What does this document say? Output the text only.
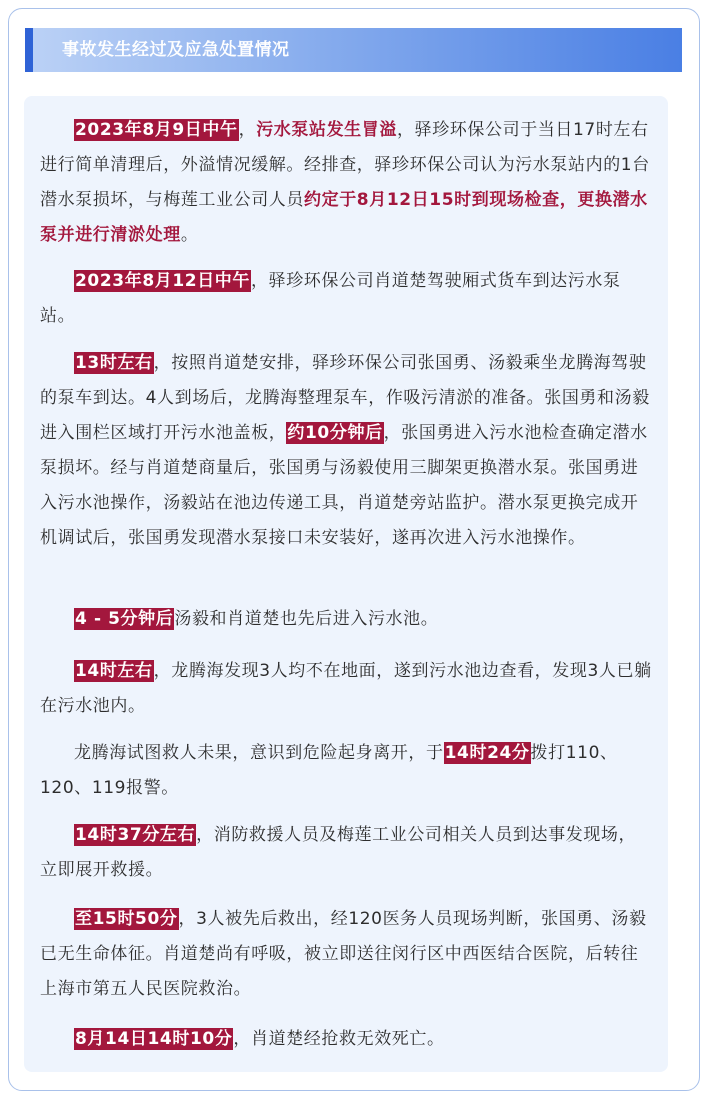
事故发生经过及应急处置情况

2023年8月9日中午，污水泵站发生冒溢，驿珍环保公司于当日17时左右进行简单清理后，外溢情况缓解。经排查，驿珍环保公司认为污水泵站内的1台潜水泵损坏，与梅莲工业公司人员约定于8月12日15时到现场检查，更换潜水泵并进行清淤处理。

2023年8月12日中午，驿珍环保公司肖道楚驾驶厢式货车到达污水泵站。

13时左右，按照肖道楚安排，驿珍环保公司张国勇、汤毅乘坐龙腾海驾驶的泵车到达。4人到场后，龙腾海整理泵车，作吸污清淤的准备。张国勇和汤毅进入围栏区域打开污水池盖板，约10分钟后，张国勇进入污水池检查确定潜水泵损坏。经与肖道楚商量后，张国勇与汤毅使用三脚架更换潜水泵。张国勇进入污水池操作，汤毅站在池边传递工具，肖道楚旁站监护。潜水泵更换完成开机调试后，张国勇发现潜水泵接口未安装好，遂再次进入污水池操作。

4 - 5分钟后汤毅和肖道楚也先后进入污水池。

14时左右，龙腾海发现3人均不在地面，遂到污水池边查看，发现3人已躺在污水池内。

龙腾海试图救人未果，意识到危险起身离开，于14时24分拨打110、120、119报警。

14时37分左右，消防救援人员及梅莲工业公司相关人员到达事发现场，立即展开救援。

至15时50分，3人被先后救出，经120医务人员现场判断，张国勇、汤毅已无生命体征。肖道楚尚有呼吸，被立即送往闵行区中西医结合医院，后转往上海市第五人民医院救治。

8月14日14时10分，肖道楚经抢救无效死亡。
